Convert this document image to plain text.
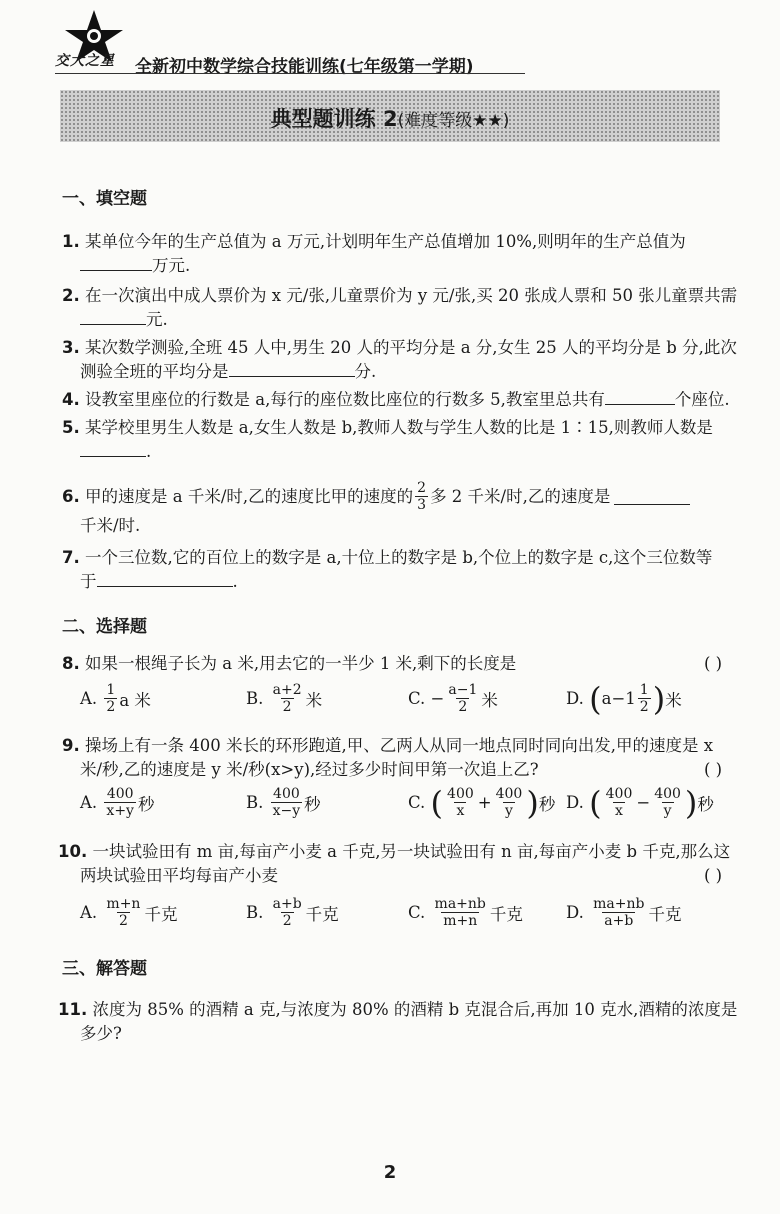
交大之星 全新初中数学综合技能训练(七年级第一学期)
典型题训练 2(难度等级★★)
一、填空题
1. 某单位今年的生产总值为 a 万元,计划明年生产总值增加 10%,则明年的生产总值为
万元.
2. 在一次演出中成人票价为 x 元/张,儿童票价为 y 元/张,买 20 张成人票和 50 张儿童票共需
元.
3. 某次数学测验,全班 45 人中,男生 20 人的平均分是 a 分,女生 25 人的平均分是 b 分,此次
测验全班的平均分是	分.
4. 设教室里座位的行数是 a,每行的座位数比座位的行数多 5,教室里总共有	个座位.
5. 某学校里男生人数是 a,女生人数是 b,教师人数与学生人数的比是 1∶15,则教师人数是
.
6.
甲的速度是 a 千米/时,乙的速度比甲的速度的 $\frac{2}{3}$ 多 2 千米/时,乙的速度是
千米/时.
7. 一个三位数,它的百位上的数字是 a,十位上的数字是 b,个位上的数字是 c,这个三位数等
于	.
二、选择题
8. 如果一根绳子长为 a 米,用去它的一半少 1 米,剩下的长度是	( )
A.
$\frac{1}{2}$ a 米	B.
$\frac{a+2}{2}$ 米	C.
− $\frac{a-1}{2}$ 米	D.
( $a-1 \frac{1}{2}$ ) 米
9. 操场上有一条 400 米长的环形跑道,甲、乙两人从同一地点同时同向出发,甲的速度是 x
米/秒,乙的速度是 y 米/秒(x>y),经过多少时间甲第一次追上乙?	( )
A.
$\frac{400}{x+y}$ 秒	B.
$\frac{400}{x-y}$ 秒	C.
( $\frac{400}{x} + \frac{400}{y}$ ) 秒 D.
( $\frac{400}{x} - \frac{400}{y}$ ) 秒
10. 一块试验田有 m 亩,每亩产小麦 a 千克,另一块试验田有 n 亩,每亩产小麦 b 千克,那么这
两块试验田平均每亩产小麦	( )
A.
$\frac{m+n}{2}$ 千克	B.
$\frac{a+b}{2}$ 千克	C.
$\frac{ma+nb}{m+n}$ 千克	D.
$\frac{ma+nb}{a+b}$ 千克
三、解答题
11. 浓度为 85% 的酒精 a 克,与浓度为 80% 的酒精 b 克混合后,再加 10 克水,酒精的浓度是
多少?
2
